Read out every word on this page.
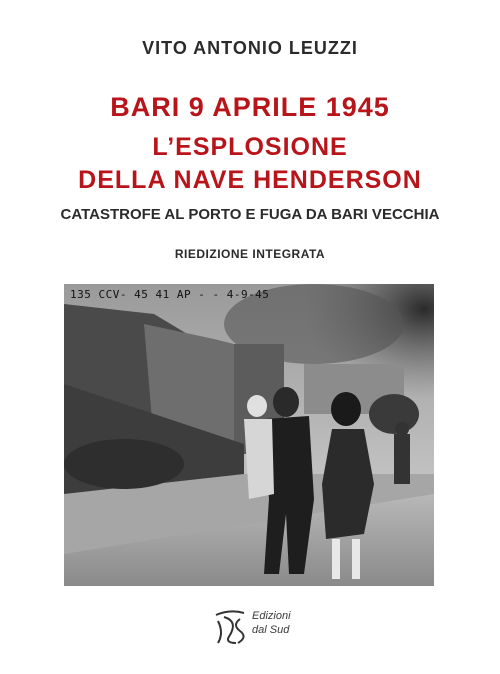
VITO ANTONIO LEUZZI
BARI 9 APRILE 1945
L’ESPLOSIONE
DELLA NAVE HENDERSON
CATASTROFE AL PORTO E FUGA DA BARI VECCHIA
RIEDIZIONE INTEGRATA
135 CCV- 45 41 AP - - 4-9-45
Edizioni
dal Sud
